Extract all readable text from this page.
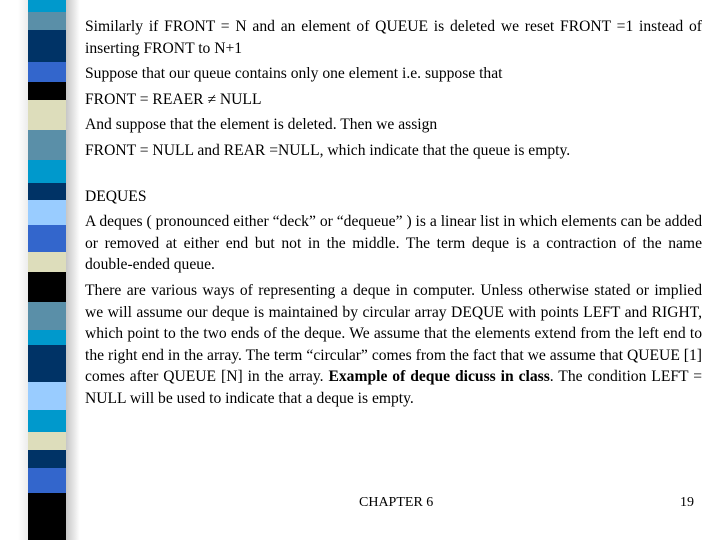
Similarly if FRONT = N and an element of QUEUE is deleted we reset FRONT =1 instead of inserting FRONT to N+1

Suppose that our queue contains only one element i.e. suppose that

FRONT = REAER ≠ NULL

And suppose that the element is deleted. Then we assign

FRONT = NULL and REAR =NULL, which indicate that the queue is empty.

DEQUES

A deques ( pronounced either “deck” or “dequeue” ) is a linear list in which elements can be added or removed at either end but not in the middle. The term deque is a contraction of the name double-ended queue.

There are various ways of representing a deque in computer. Unless otherwise stated or implied we will assume our deque is maintained by circular array DEQUE with points LEFT and RIGHT, which point to the two ends of the deque. We assume that the elements extend from the left end to the right end in the array. The term “circular” comes from the fact that we assume that QUEUE [1] comes after QUEUE [N] in the array. Example of deque dicuss in class. The condition LEFT = NULL will be used to indicate that a deque is empty.

CHAPTER 6	19
